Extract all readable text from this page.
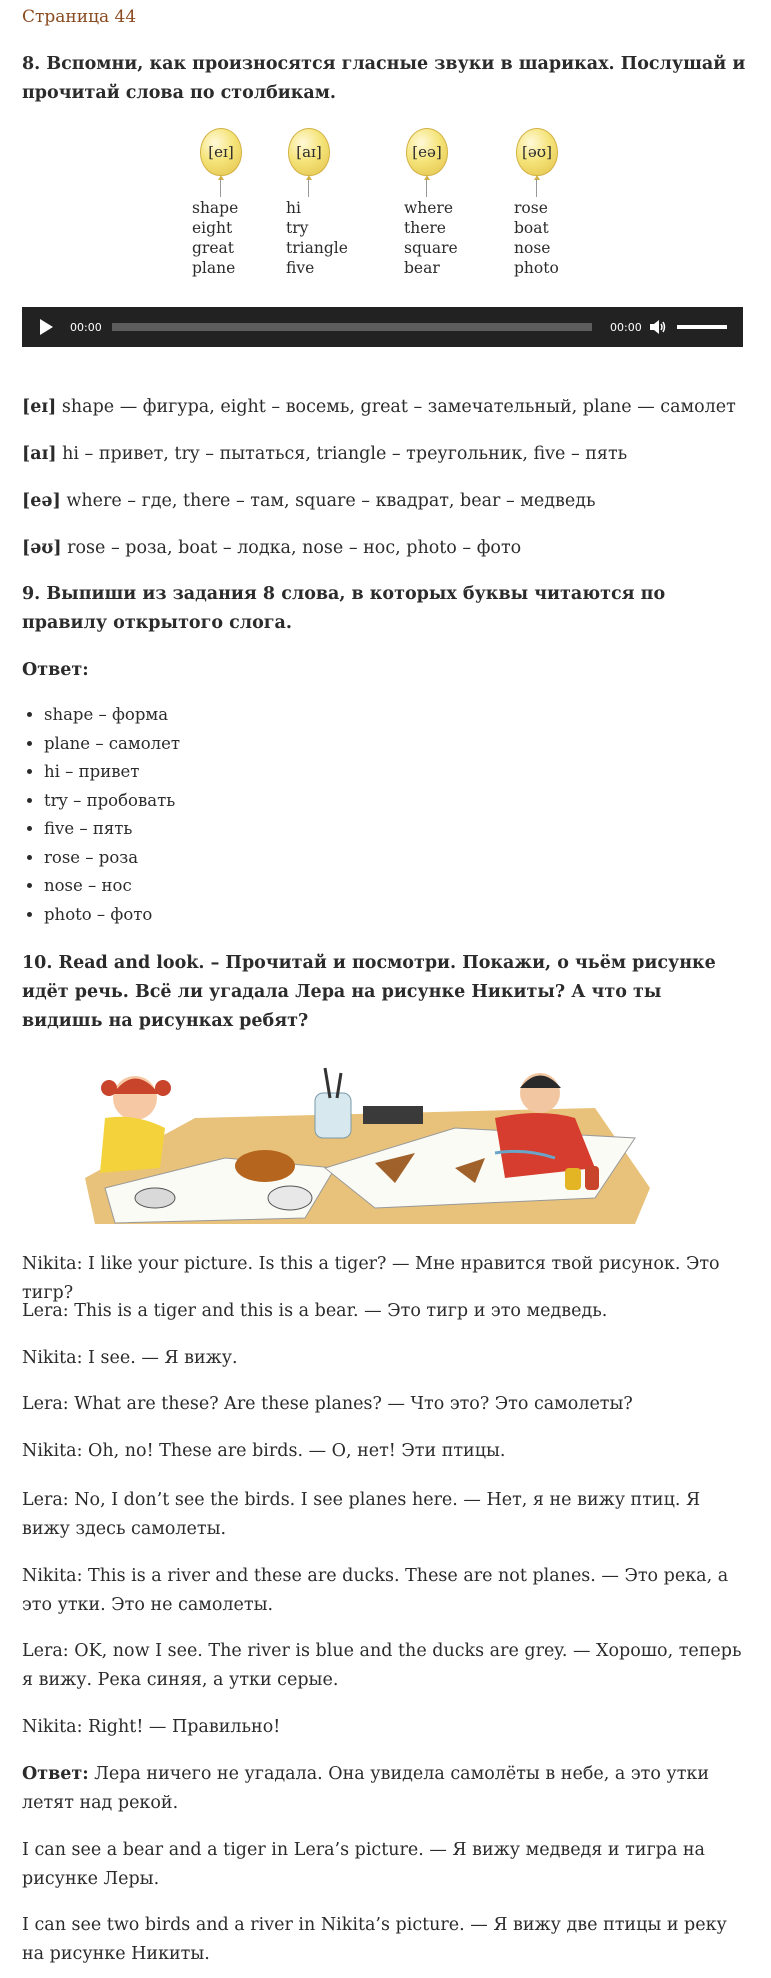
Страница 44
8. Вспомни, как произносятся гласные звуки в шариках. Послушай и прочитай слова по столбикам.
[eɪ]
shape
eight
great
plane
[aɪ]
hi
try
triangle
five
[eə]
where
there
square
bear
[əʊ]
rose
boat
nose
photo
00:00	00:00
[eɪ] shape — фигура, eight – восемь, great – замечательный, plane — самолет
[aɪ] hi – привет, try – пытаться, triangle – треугольник, five – пять
[eə] where – где, there – там, square – квадрат, bear – медведь
[əʊ] rose – роза, boat – лодка, nose – нос, photo – фото
9. Выпиши из задания 8 слова, в которых буквы читаются по правилу открытого слога.
Ответ:
• shape – форма
• plane – самолет
• hi – привет
• try – пробовать
• five – пять
• rose – роза
• nose – нос
• photo – фото
10. Read and look. – Прочитай и посмотри. Покажи, о чьём рисунке идёт речь. Всё ли угадала Лера на рисунке Никиты? А что ты видишь на рисунках ребят?
Nikita: I like your picture. Is this a tiger? — Мне нравится твой рисунок. Это тигр?
Lera: This is a tiger and this is a bear. — Это тигр и это медведь.
Nikita: I see. — Я вижу.
Lera: What are these? Are these planes? — Что это? Это самолеты?
Nikita: Oh, no! These are birds. — О, нет! Эти птицы.
Lera: No, I don’t see the birds. I see planes here. — Нет, я не вижу птиц. Я вижу здесь самолеты.
Nikita: This is a river and these are ducks. These are not planes. — Это река, а это утки. Это не самолеты.
Lera: OK, now I see. The river is blue and the ducks are grey. — Хорошо, теперь я вижу. Река синяя, а утки серые.
Nikita: Right! — Правильно!
Ответ: Лера ничего не угадала. Она увидела самолёты в небе, а это утки летят над рекой.
I can see a bear and a tiger in Lera’s picture. — Я вижу медведя и тигра на рисунке Леры.
I can see two birds and a river in Nikita’s picture. — Я вижу две птицы и реку на рисунке Никиты.
